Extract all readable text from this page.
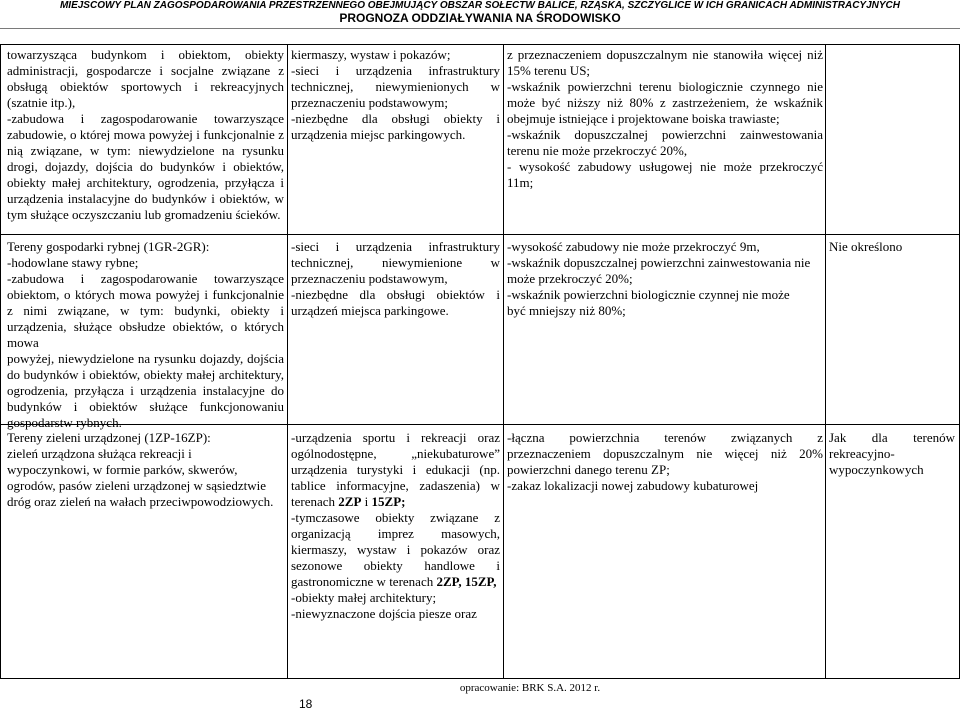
MIEJSCOWY PLAN ZAGOSPODAROWANIA PRZESTRZENNEGO OBEJMUJĄCY OBSZAR SOŁECTW BALICE, RZĄSKA, SZCZYGLICE W ICH GRANICACH ADMINISTRACYJNYCH
PROGNOZA ODDZIAŁYWANIA NA ŚRODOWISKO
towarzysząca budynkom i obiektom, obiekty administracji, gospodarcze i socjalne związane z obsługą obiektów sportowych i rekreacyjnych (szatnie itp.),
-zabudowa i zagospodarowanie towarzyszące zabudowie, o której mowa powyżej i funkcjonalnie z nią związane, w tym: niewydzielone na rysunku drogi, dojazdy, dojścia do budynków i obiektów, obiekty małej architektury, ogrodzenia, przyłącza i urządzenia instalacyjne do budynków i obiektów, w tym służące oczyszczaniu lub gromadzeniu ścieków.
kiermaszy, wystaw i pokazów;
-sieci i urządzenia infrastruktury technicznej, niewymienionych w przeznaczeniu podstawowym;
-niezbędne dla obsługi obiekty i urządzenia miejsc parkingowych.
z przeznaczeniem dopuszczalnym nie stanowiła więcej niż 15% terenu US;
-wskaźnik powierzchni terenu biologicznie czynnego nie może być niższy niż 80% z zastrzeżeniem, że wskaźnik obejmuje istniejące i projektowane boiska trawiaste;
-wskaźnik dopuszczalnej powierzchni zainwestowania terenu nie może przekroczyć 20%,
- wysokość zabudowy usługowej nie może przekroczyć 11m;
Tereny gospodarki rybnej (1GR-2GR):
-hodowlane stawy rybne;
-zabudowa i zagospodarowanie towarzyszące obiektom, o których mowa powyżej i funkcjonalnie z nimi związane, w tym: budynki, obiekty i urządzenia, służące obsłudze obiektów, o których mowa
powyżej, niewydzielone na rysunku dojazdy, dojścia do budynków i obiektów, obiekty małej architektury, ogrodzenia, przyłącza i urządzenia instalacyjne do budynków i obiektów służące funkcjonowaniu gospodarstw rybnych.
-sieci i urządzenia infrastruktury technicznej, niewymienione w przeznaczeniu podstawowym,
-niezbędne dla obsługi obiektów i urządzeń miejsca parkingowe.
-wysokość zabudowy nie może przekroczyć 9m,
-wskaźnik dopuszczalnej powierzchni zainwestowania nie
może przekroczyć 20%;
-wskaźnik powierzchni biologicznie czynnej nie może
być mniejszy niż 80%;
Nie określono
Tereny zieleni urządzonej (1ZP-16ZP):
zieleń urządzona służąca rekreacji i
wypoczynkowi, w formie parków, skwerów,
ogrodów, pasów zieleni urządzonej w sąsiedztwie
dróg oraz zieleń na wałach przeciwpowodziowych.
-urządzenia sportu i rekreacji oraz ogólnodostępne, „niekubaturowe” urządzenia turystyki i edukacji (np. tablice informacyjne, zadaszenia) w terenach 2ZP i 15ZP;
-tymczasowe obiekty związane z organizacją imprez masowych, kiermaszy, wystaw i pokazów oraz sezonowe obiekty handlowe i gastronomiczne w terenach 2ZP, 15ZP,
-obiekty małej architektury;
-niewyznaczone dojścia piesze oraz
-łączna powierzchnia terenów związanych z przeznaczeniem dopuszczalnym nie więcej niż 20% powierzchni danego terenu ZP;
-zakaz lokalizacji nowej zabudowy kubaturowej
Jak dla terenów rekreacyjno-wypoczynkowych
opracowanie: BRK S.A. 2012 r.
18
